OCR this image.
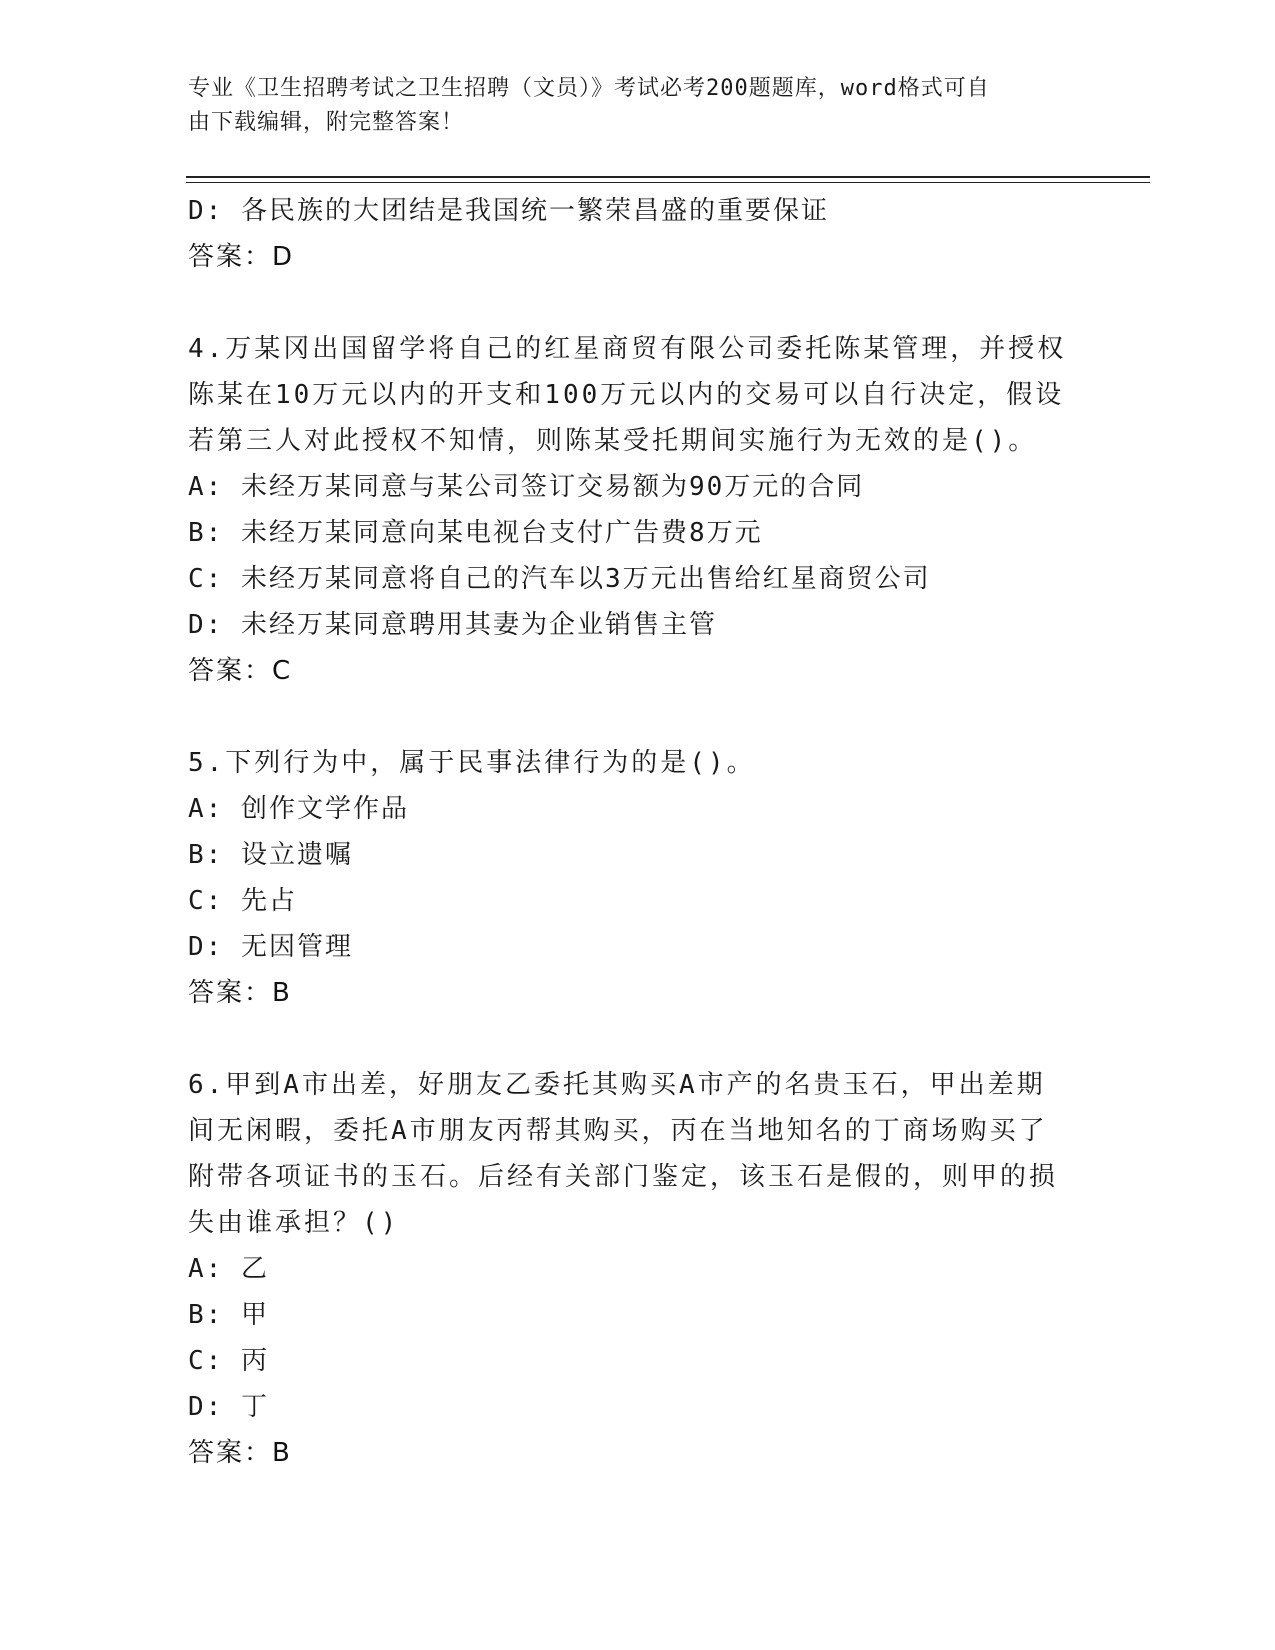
专业《卫生招聘考试之卫生招聘（文员）》考试必考200题题库，word格式可自
由下载编辑，附完整答案！
D: 各民族的大团结是我国统一繁荣昌盛的重要保证
答案：D
4.万某冈出国留学将自己的红星商贸有限公司委托陈某管理，并授权
陈某在10万元以内的开支和100万元以内的交易可以自行决定，假设
若第三人对此授权不知情，则陈某受托期间实施行为无效的是()。
A: 未经万某同意与某公司签订交易额为90万元的合同
B: 未经万某同意向某电视台支付广告费8万元
C: 未经万某同意将自己的汽车以3万元出售给红星商贸公司
D: 未经万某同意聘用其妻为企业销售主管
答案：C
5.下列行为中，属于民事法律行为的是()。
A: 创作文学作品
B: 设立遗嘱
C: 先占
D: 无因管理
答案：B
6.甲到A市出差，好朋友乙委托其购买A市产的名贵玉石，甲出差期
间无闲暇，委托A市朋友丙帮其购买，丙在当地知名的丁商场购买了
附带各项证书的玉石。后经有关部门鉴定，该玉石是假的，则甲的损
失由谁承担？()
A: 乙
B: 甲
C: 丙
D: 丁
答案：B
